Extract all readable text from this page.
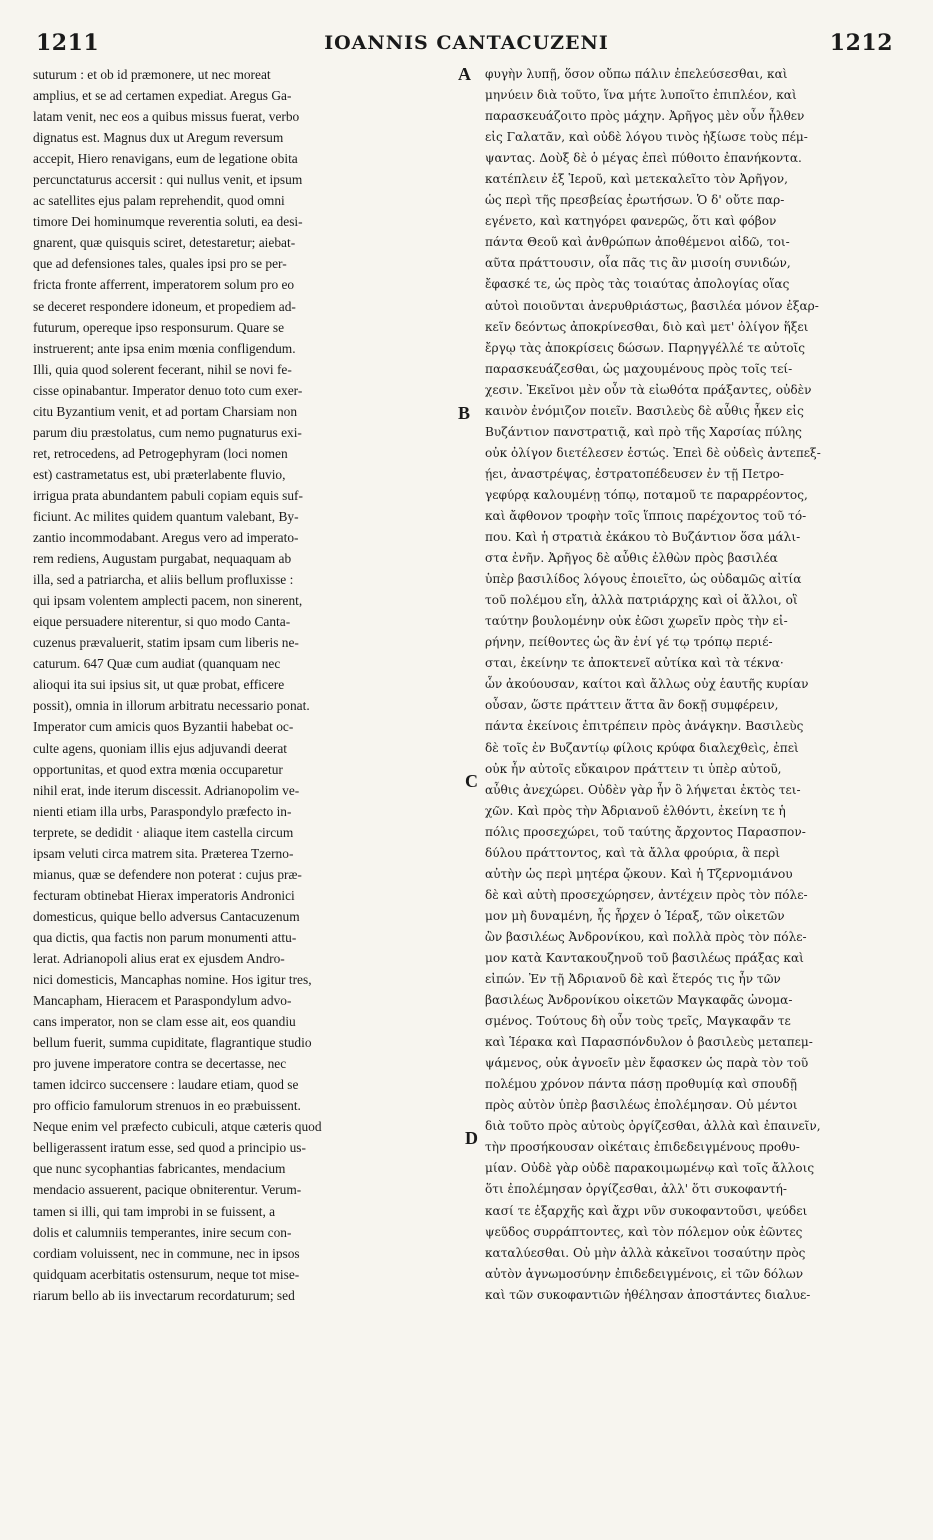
1211	IOANNIS CANTACUZENI	1212
suturum : et ob id præmonere, ut nec moreat
amplius, et se ad certamen expediat. Aregus Ga-
latam venit, nec eos a quibus missus fuerat, verbo
dignatus est. Magnus dux ut Aregum reversum
accepit, Hiero renavigans, eum de legatione obita
percunctaturus accersit : qui nullus venit, et ipsum
ac satellites ejus palam reprehendit, quod omni
timore Dei hominumque reverentia soluti, ea desi-
gnarent, quæ quisquis sciret, detestaretur; aiebat-
que ad defensiones tales, quales ipsi pro se per-
fricta fronte afferrent, imperatorem solum pro eo
se deceret respondere idoneum, et propediem ad-
futurum, opereque ipso responsurum. Quare se
instruerent; ante ipsa enim mœnia confligendum.
Illi, quia quod solerent fecerant, nihil se novi fe-
cisse opinabantur. Imperator denuo toto cum exer-
citu Byzantium venit, et ad portam Charsiam non
parum diu præstolatus, cum nemo pugnaturus exi-
ret, retrocedens, ad Petrogephyram (loci nomen
est) castrametatus est, ubi præterlabente fluvio,
irrigua prata abundantem pabuli copiam equis suf-
ficiunt. Ac milites quidem quantum valebant, By-
zantio incommodabant. Aregus vero ad imperato-
rem rediens, Augustam purgabat, nequaquam ab
illa, sed a patriarcha, et aliis bellum profluxisse :
qui ipsam volentem amplecti pacem, non sinerent,
eique persuadere niterentur, si quo modo Canta-
cuzenus prævaluerit, statim ipsam cum liberis ne-
caturum. 647 Quæ cum audiat (quanquam nec
alioqui ita sui ipsius sit, ut quæ probat, efficere
possit), omnia in illorum arbitratu necessario ponat.
Imperator cum amicis quos Byzantii habebat oc-
culte agens, quoniam illis ejus adjuvandi deerat
opportunitas, et quod extra mœnia occuparetur
nihil erat, inde iterum discessit. Adrianopolim ve-
nienti etiam illa urbs, Paraspondylo præfecto in-
terprete, se dedidit · aliaque item castella circum
ipsam veluti circa matrem sita. Præterea Tzerno-
mianus, quæ se defendere non poterat : cujus præ-
fecturam obtinebat Hierax imperatoris Andronici
domesticus, quique bello adversus Cantacuzenum
qua dictis, qua factis non parum monumenti attu-
lerat. Adrianopoli alius erat ex ejusdem Andro-
nici domesticis, Mancaphas nomine. Hos igitur tres,
Mancapham, Hieracem et Paraspondylum advo-
cans imperator, non se clam esse ait, eos quandiu
bellum fuerit, summa cupiditate, flagrantique studio
pro juvene imperatore contra se decertasse, nec
tamen idcirco succensere : laudare etiam, quod se
pro officio famulorum strenuos in eo præbuissent.
Neque enim vel præfecto cubiculi, atque cæteris quod
belligerassent iratum esse, sed quod a principio us-
que nunc sycophantias fabricantes, mendacium
mendacio assuerent, pacique obniterentur. Verum-
tamen si illi, qui tam improbi in se fuissent, a
dolis et calumniis temperantes, inire secum con-
cordiam voluissent, nec in commune, nec in ipsos
quidquam acerbitatis ostensurum, neque tot mise-
riarum bello ab iis invectarum recordaturum; sed
A
B
C
D
φυγὴν λυπῇ, ὅσον οὔπω πάλιν ἐπελεύσεσθαι, καὶ
μηνύειν διὰ τοῦτο, ἵνα μήτε λυποῖτο ἐπιπλέον, καὶ
παρασκευάζοιτο πρὸς μάχην. Ἀρῆγος μὲν οὖν ἦλθεν
εἰς Γαλατᾶν, καὶ οὐδὲ λόγου τινὸς ἠξίωσε τοὺς πέμ-
ψαντας. Δοὺξ δὲ ὁ μέγας ἐπεὶ πύθοιτο ἐπανήκοντα.
κατέπλειν ἐξ Ἱεροῦ, καὶ μετεκαλεῖτο τὸν Ἀρῆγον,
ὡς περὶ τῆς πρεσβείας ἐρωτήσων. Ὁ δ' οὔτε παρ-
εγένετο, καὶ κατηγόρει φανερῶς, ὅτι καὶ φόβον
πάντα Θεοῦ καὶ ἀνθρώπων ἀποθέμενοι αἰδῶ, τοι-
αῦτα πράττουσιν, οἷα πᾶς τις ἂν μισοίη συνιδών,
ἔφασκέ τε, ὡς πρὸς τὰς τοιαύτας ἀπολογίας οἵας
αὐτοὶ ποιοῦνται ἀνερυθριάστως, βασιλέα μόνον ἐξαρ-
κεῖν δεόντως ἀποκρίνεσθαι, διὸ καὶ μετ' ὀλίγον ἥξει
ἔργῳ τὰς ἀποκρίσεις δώσων. Παρηγγέλλέ τε αὐτοῖς
παρασκευάζεσθαι, ὡς μαχουμένους πρὸς τοῖς τεί-
χεσιν. Ἐκεῖνοι μὲν οὖν τὰ εἰωθότα πράξαντες, οὐδὲν
καινὸν ἐνόμιζον ποιεῖν. Βασιλεὺς δὲ αὖθις ἧκεν εἰς
Βυζάντιον πανστρατιᾷ, καὶ πρὸ τῆς Χαρσίας πύλης
οὐκ ὀλίγον διετέλεσεν ἑστώς. Ἐπεὶ δὲ οὐδεὶς ἀντεπεξ-
ῄει, ἀναστρέψας, ἐστρατοπέδευσεν ἐν τῇ Πετρο-
γεφύρᾳ καλουμένῃ τόπῳ, ποταμοῦ τε παραρρέοντος,
καὶ ἄφθονον τροφὴν τοῖς ἵπποις παρέχοντος τοῦ τό-
που. Καὶ ἡ στρατιὰ ἐκάκου τὸ Βυζάντιον ὅσα μάλι-
στα ἐνῆν. Ἀρῆγος δὲ αὖθις ἐλθὼν πρὸς βασιλέα
ὑπὲρ βασιλίδος λόγους ἐποιεῖτο, ὡς οὐδαμῶς αἰτία
τοῦ πολέμου εἴη, ἀλλὰ πατριάρχης καὶ οἱ ἄλλοι, οἳ
ταύτην βουλομένην οὐκ ἐῶσι χωρεῖν πρὸς τὴν εἰ-
ρήνην, πείθοντες ὡς ἂν ἐνί γέ τῳ τρόπῳ περιέ-
σται, ἐκείνην τε ἀποκτενεῖ αὐτίκα καὶ τὰ τέκνα·
ὧν ἀκούουσαν, καίτοι καὶ ἄλλως οὐχ ἑαυτῆς κυρίαν
οὖσαν, ὥστε πράττειν ἅττα ἂν δοκῇ συμφέρειν,
πάντα ἐκείνοις ἐπιτρέπειν πρὸς ἀνάγκην. Βασιλεὺς
δὲ τοῖς ἐν Βυζαντίῳ φίλοις κρύφα διαλεχθεὶς, ἐπεὶ
οὐκ ἦν αὐτοῖς εὔκαιρον πράττειν τι ὑπὲρ αὐτοῦ,
αὖθις ἀνεχώρει. Οὐδὲν γὰρ ἦν ὃ λήψεται ἐκτὸς τει-
χῶν. Καὶ πρὸς τὴν Ἀδριανοῦ ἐλθόντι, ἐκείνη τε ἡ
πόλις προσεχώρει, τοῦ ταύτης ἄρχοντος Παρασπον-
δύλου πράττοντος, καὶ τὰ ἄλλα φρούρια, ἃ περὶ
αὐτὴν ὡς περὶ μητέρα ᾤκουν. Καὶ ἡ Τζερνομιάνου
δὲ καὶ αὐτὴ προσεχώρησεν, ἀντέχειν πρὸς τὸν πόλε-
μον μὴ δυναμένη, ἧς ἦρχεν ὁ Ἱέραξ, τῶν οἰκετῶν
ὢν βασιλέως Ἀνδρονίκου, καὶ πολλὰ πρὸς τὸν πόλε-
μον κατὰ Καντακουζηνοῦ τοῦ βασιλέως πράξας καὶ
εἰπών. Ἐν τῇ Ἀδριανοῦ δὲ καὶ ἕτερός τις ἦν τῶν
βασιλέως Ἀνδρονίκου οἰκετῶν Μαγκαφᾶς ὠνομα-
σμένος. Τούτους δὴ οὖν τοὺς τρεῖς, Μαγκαφᾶν τε
καὶ Ἱέρακα καὶ Παρασπόνδυλον ὁ βασιλεὺς μεταπεμ-
ψάμενος, οὐκ ἀγνοεῖν μὲν ἔφασκεν ὡς παρὰ τὸν τοῦ
πολέμου χρόνον πάντα πάσῃ προθυμίᾳ καὶ σπουδῇ
πρὸς αὐτὸν ὑπὲρ βασιλέως ἐπολέμησαν. Οὐ μέντοι
διὰ τοῦτο πρὸς αὐτοὺς ὀργίζεσθαι, ἀλλὰ καὶ ἐπαινεῖν,
τὴν προσήκουσαν οἰκέταις ἐπιδεδειγμένους προθυ-
μίαν. Οὐδὲ γὰρ οὐδὲ παρακοιμωμένῳ καὶ τοῖς ἄλλοις
ὅτι ἐπολέμησαν ὀργίζεσθαι, ἀλλ' ὅτι συκοφαντή-
κασί τε ἐξαρχῆς καὶ ἄχρι νῦν συκοφαντοῦσι, ψεύδει
ψεῦδος συρράπτοντες, καὶ τὸν πόλεμον οὐκ ἐῶντες
καταλύεσθαι. Οὐ μὴν ἀλλὰ κἀκεῖνοι τοσαύτην πρὸς
αὐτὸν ἀγνωμοσύνην ἐπιδεδειγμένοις, εἰ τῶν δόλων
καὶ τῶν συκοφαντιῶν ἠθέλησαν ἀποστάντες διαλυε-
